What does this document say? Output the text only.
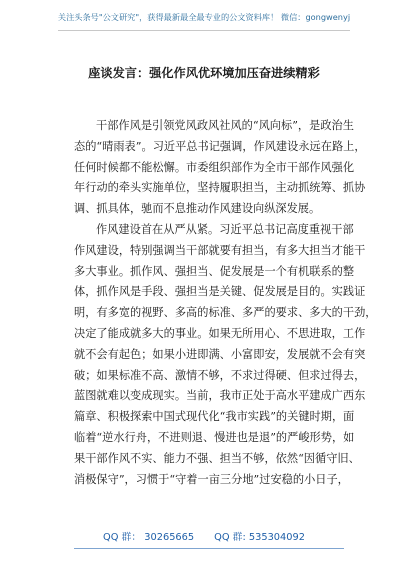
关注头条号"公文研究"，获得最新最全最专业的公文资料库！ 微信：gongwenyj
座谈发言：强化作风优环境加压奋进续精彩
干 部 作 风 是 引 领 党 风 政 风 社 风 的 “ 风 向 标 ” ， 是 政 治 生
态 的 “ 晴 雨 表 ” 。 习 近 平 总 书 记 强 调 ， 作 风 建 设 永 远 在 路 上 ，
任 何 时 候 都 不 能 松 懈 。 市 委 组 织 部 作 为 全 市 干 部 作 风 强 化
年 行 动 的 牵 头 实 施 单 位 ， 坚 持 履 职 担 当 ， 主 动 抓 统 筹 、 抓 协
调、抓具体，驰而不息推动作风建设向纵深发展。
作 风 建 设 首 在 从 严 从 紧 。 习 近 平 总 书 记 高 度 重 视 干 部
作 风 建 设 ， 特 别 强 调 当 干 部 就 要 有 担 当 ， 有 多 大 担 当 才 能 干
多 大 事 业 。 抓 作 风 、 强 担 当 、 促 发 展 是 一 个 有 机 联 系 的 整
体 ， 抓 作 风 是 手 段 、 强 担 当 是 关 键 、 促 发 展 是 目 的 。 实 践 证
明 ， 有 多 宽 的 视 野 、 多 高 的 标 准 、 多 严 的 要 求 、 多 大 的 干 劲 ，
决 定 了 能 成 就 多 大 的 事 业 。 如 果 无 所 用 心 、 不 思 进 取 ， 工 作
就 不 会 有 起 色 ； 如 果 小 进 即 满 、 小 富 即 安 ， 发 展 就 不 会 有 突
破 ； 如 果 标 准 不 高 、 激 情 不 够 ， 不 求 过 得 硬 、 但 求 过 得 去 ，
蓝 图 就 难 以 变 成 现 实 。 当 前 ， 我 市 正 处 于 高 水 平 建 成 广 西 东
篇 章 、 积 极 探 索 中 国 式 现 代 化 “ 我 市 实 践 ” 的 关 键 时 期 ， 面
临 着 “ 逆 水 行 舟 ， 不 进 则 退 、 慢 进 也 是 退 ” 的 严 峻 形 势 ， 如
果 干 部 作 风 不 实 、 能 力 不 强 、 担 当 不 够 ， 依 然 “ 因 循 守 旧 、
消 极 保 守 ” ， 习 惯 于 “ 守 着 一 亩 三 分 地 ” 过 安 稳 的 小 日 子 ，
QQ 群： 30265665 QQ 群: 535304092
